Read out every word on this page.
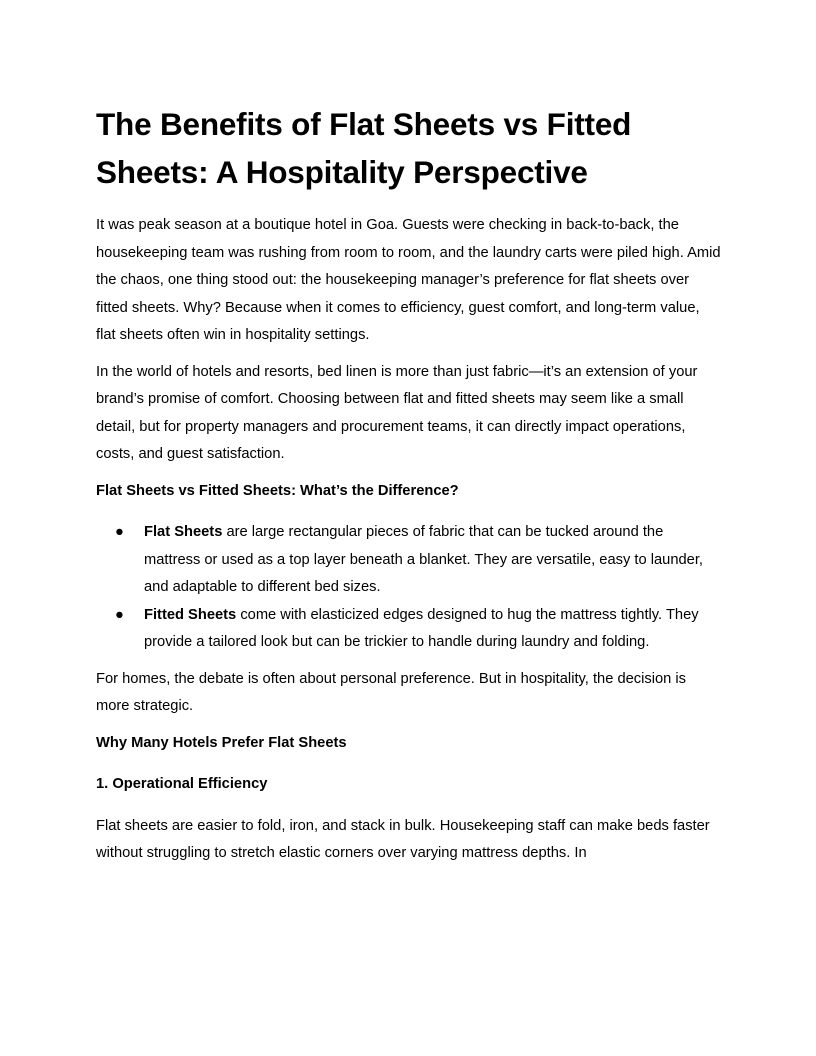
The Benefits of Flat Sheets vs Fitted Sheets: A Hospitality Perspective

It was peak season at a boutique hotel in Goa. Guests were checking in back-to-back, the housekeeping team was rushing from room to room, and the laundry carts were piled high. Amid the chaos, one thing stood out: the housekeeping manager’s preference for flat sheets over fitted sheets. Why? Because when it comes to efficiency, guest comfort, and long-term value, flat sheets often win in hospitality settings.

In the world of hotels and resorts, bed linen is more than just fabric—it’s an extension of your brand’s promise of comfort. Choosing between flat and fitted sheets may seem like a small detail, but for property managers and procurement teams, it can directly impact operations, costs, and guest satisfaction.

Flat Sheets vs Fitted Sheets: What’s the Difference?
● Flat Sheets are large rectangular pieces of fabric that can be tucked around the mattress or used as a top layer beneath a blanket. They are versatile, easy to launder, and adaptable to different bed sizes.
● Fitted Sheets come with elasticized edges designed to hug the mattress tightly. They provide a tailored look but can be trickier to handle during laundry and folding.

For homes, the debate is often about personal preference. But in hospitality, the decision is more strategic.

Why Many Hotels Prefer Flat Sheets
1. Operational Efficiency

Flat sheets are easier to fold, iron, and stack in bulk. Housekeeping staff can make beds faster without struggling to stretch elastic corners over varying mattress depths. In
